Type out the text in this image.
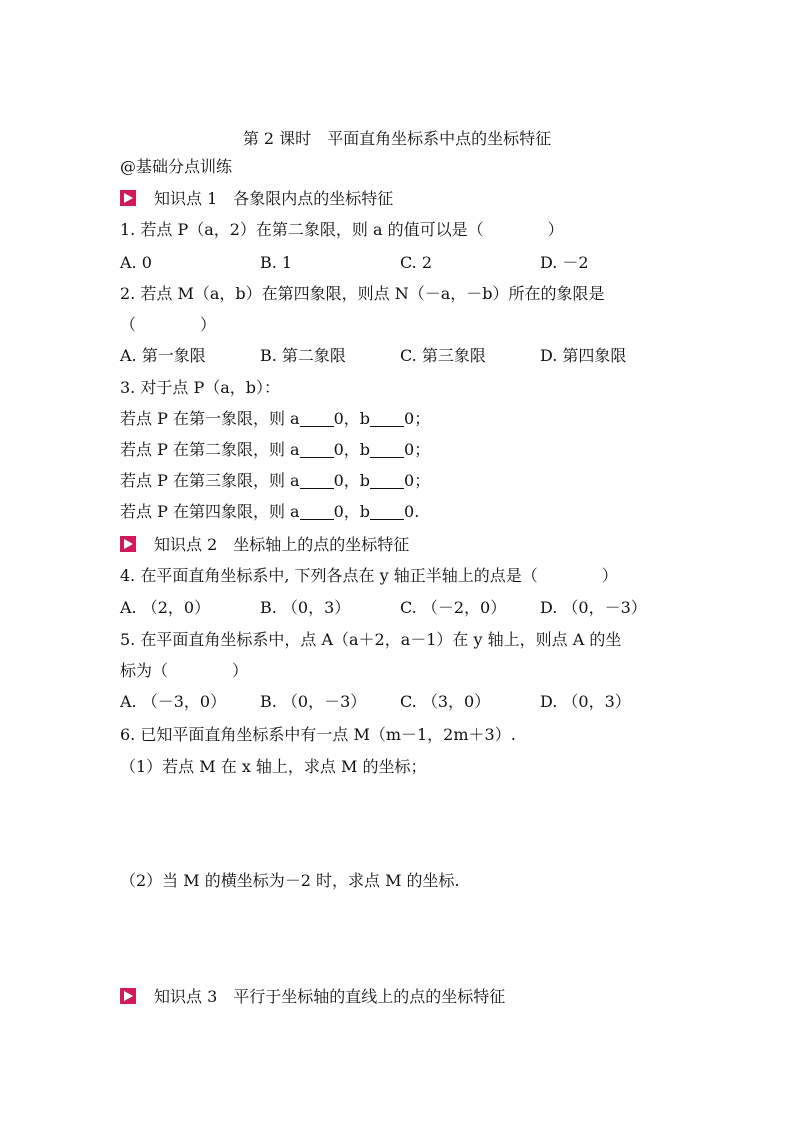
第 2 课时　平面直角坐标系中点的坐标特征
@基础分点训练
知识点 1　各象限内点的坐标特征
1. 若点 P（a，2）在第二象限，则 a 的值可以是（　　　　）
A. 0	B. 1	C. 2	D. －2
2. 若点 M（a，b）在第四象限，则点 N（－a，－b）所在的象限是
（　　　　）
A. 第一象限	B. 第二象限	C. 第三象限	D. 第四象限
3. 对于点 P（a，b）：
若点 P 在第一象限，则 a 0，b 0；
若点 P 在第二象限，则 a 0，b 0；
若点 P 在第三象限，则 a 0，b 0；
若点 P 在第四象限，则 a 0，b 0.
知识点 2　坐标轴上的点的坐标特征
4. 在平面直角坐标系中, 下列各点在 y 轴正半轴上的点是（　　　　）
A. （2，0）	B. （0，3）	C. （－2，0） D. （0，－3）
5. 在平面直角坐标系中，点 A（a＋2，a－1）在 y 轴上，则点 A 的坐
标为（　　　　）
A. （－3，0） B. （0，－3） C. （3，0）	D. （0，3）
6. 已知平面直角坐标系中有一点 M（m－1，2m＋3）.
（1）若点 M 在 x 轴上，求点 M 的坐标；
（2）当 M 的横坐标为－2 时，求点 M 的坐标.
知识点 3　平行于坐标轴的直线上的点的坐标特征
